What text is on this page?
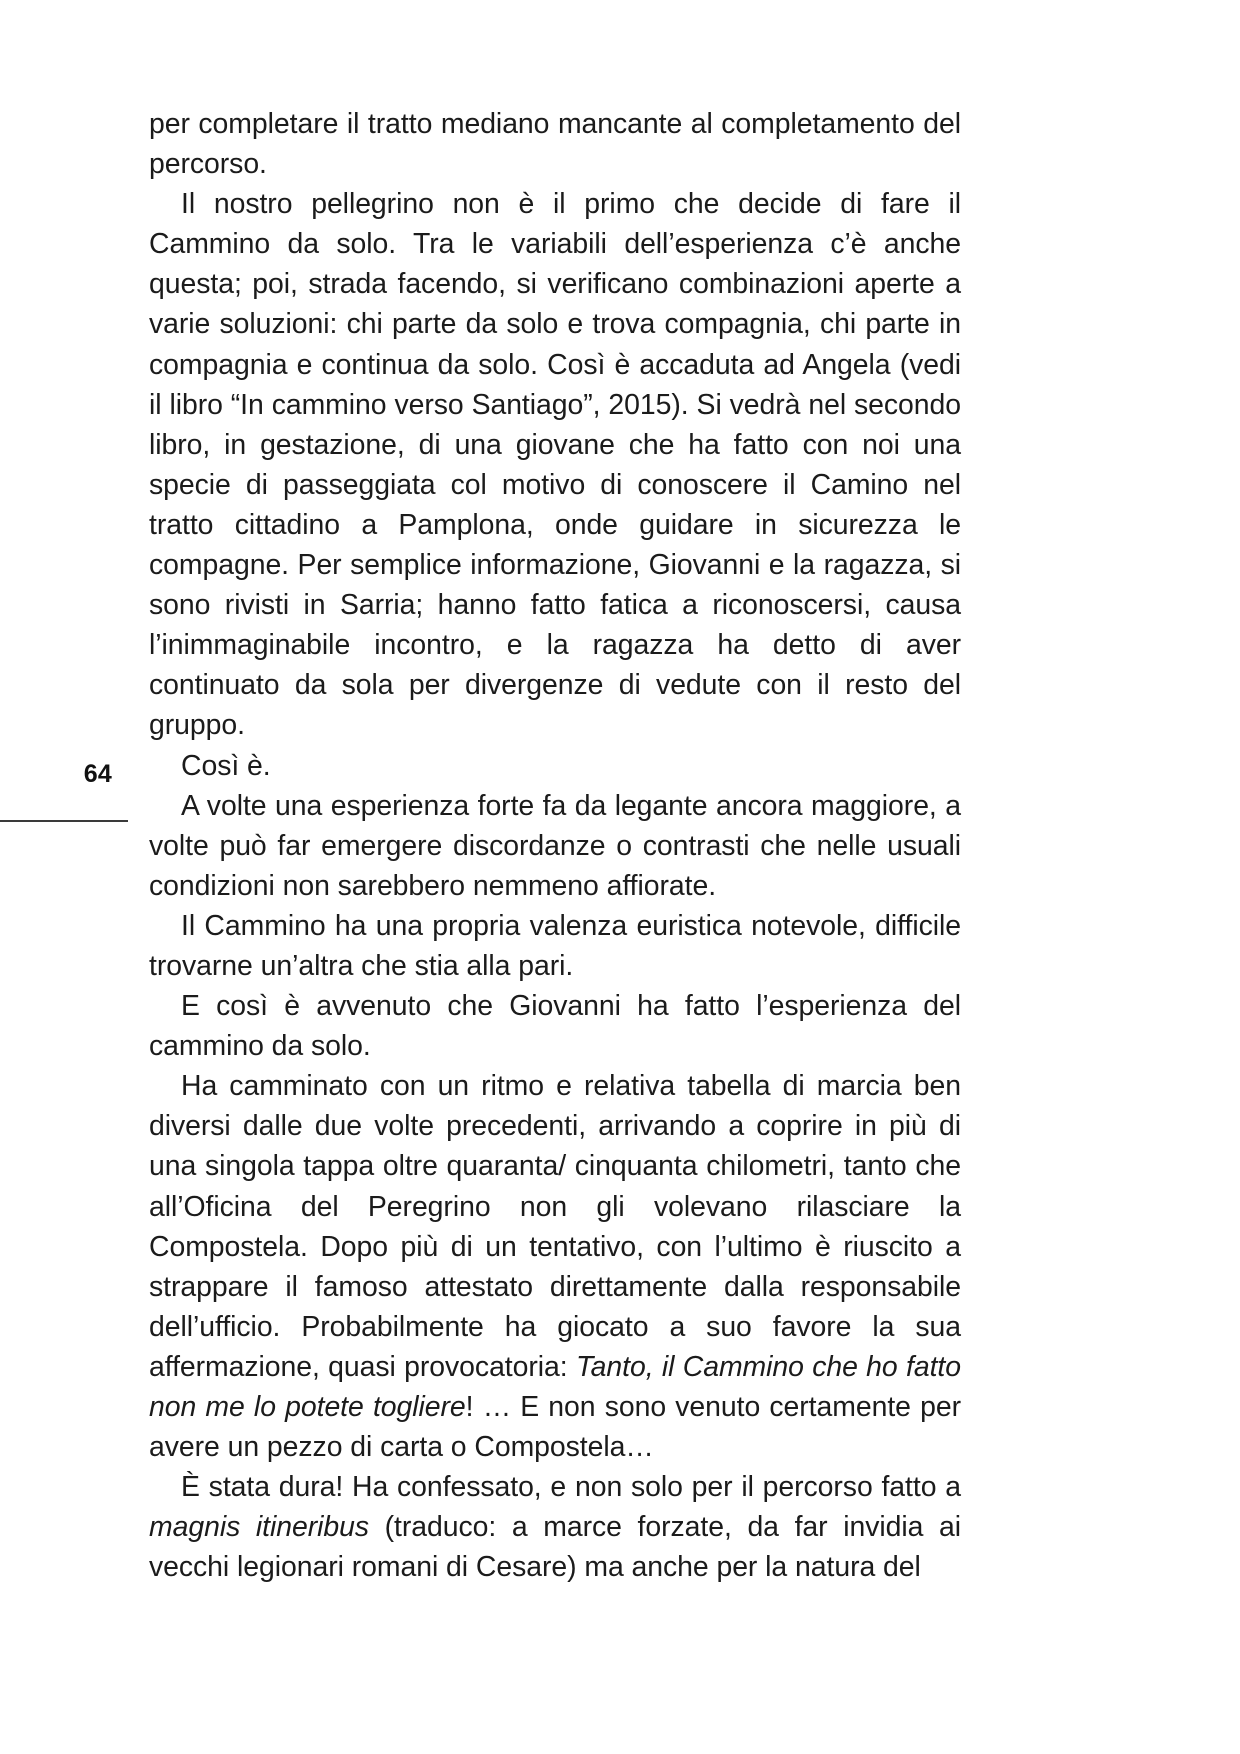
64

per completare il tratto mediano mancante al completamento del percorso.

Il nostro pellegrino non è il primo che decide di fare il Cammino da solo. Tra le variabili dell’esperienza c’è anche questa; poi, strada facendo, si verificano combinazioni aperte a varie soluzioni: chi parte da solo e trova compagnia, chi parte in compagnia e continua da solo. Così è accaduta ad Angela (vedi il libro “In cammino verso Santiago”, 2015). Si vedrà nel secondo libro, in gestazione, di una giovane che ha fatto con noi una specie di passeggiata col motivo di conoscere il Camino nel tratto cittadino a Pamplona, onde guidare in sicurezza le compagne. Per semplice informazione, Giovanni e la ragazza, si sono rivisti in Sarria; hanno fatto fatica a riconoscersi, causa l’inimmaginabile incontro, e la ragazza ha detto di aver continuato da sola per divergenze di vedute con il resto del gruppo.

Così è.

A volte una esperienza forte fa da legante ancora maggiore, a volte può far emergere discordanze o contrasti che nelle usuali condizioni non sarebbero nemmeno affiorate.

Il Cammino ha una propria valenza euristica notevole, difficile trovarne un’altra che stia alla pari.

E così è avvenuto che Giovanni ha fatto l’esperienza del cammino da solo.

Ha camminato con un ritmo e relativa tabella di marcia ben diversi dalle due volte precedenti, arrivando a coprire in più di una singola tappa oltre quaranta/ cinquanta chilometri, tanto che all’Oficina del Peregrino non gli volevano rilasciare la Compostela. Dopo più di un tentativo, con l’ultimo è riuscito a strappare il famoso attestato direttamente dalla responsabile dell’ufficio. Probabilmente ha giocato a suo favore la sua affermazione, quasi provocatoria: Tanto, il Cammino che ho fatto non me lo potete togliere! … E non sono venuto certamente per avere un pezzo di carta o Compostela…

È stata dura! Ha confessato, e non solo per il percorso fatto a magnis itineribus (traduco: a marce forzate, da far invidia ai vecchi legionari romani di Cesare) ma anche per la natura del
